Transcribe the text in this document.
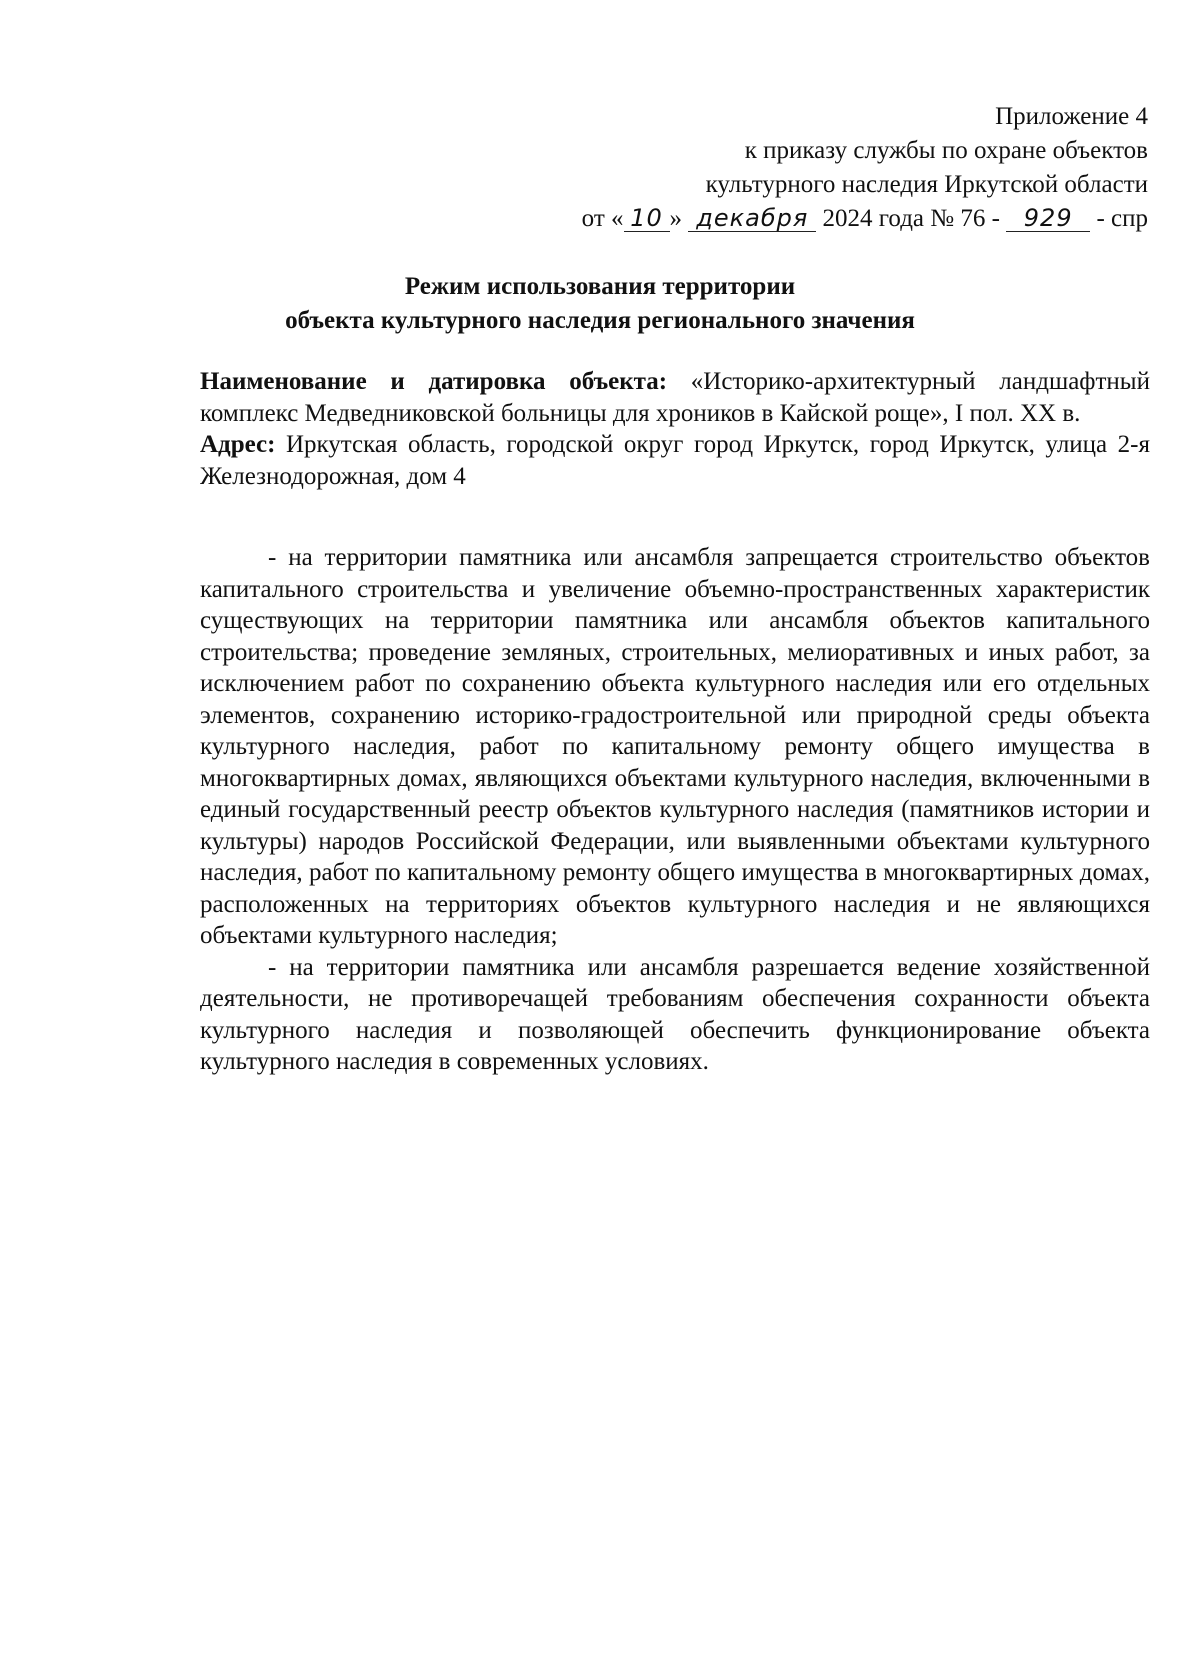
Приложение 4
к приказу службы по охране объектов
культурного наследия Иркутской области
от « 10 » декабря 2024 года № 76 - 929 - спр
Режим использования территории
объекта культурного наследия регионального значения

Наименование и датировка объекта: «Историко-архитектурный ландшафтный комплекс Медведниковской больницы для хроников в Кайской роще», I пол. XX в.

Адрес: Иркутская область, городской округ город Иркутск, город Иркутск, улица 2-я Железнодорожная, дом 4

- на территории памятника или ансамбля запрещается строительство объектов капитального строительства и увеличение объемно-пространственных характеристик существующих на территории памятника или ансамбля объектов капитального строительства; проведение земляных, строительных, мелиоративных и иных работ, за исключением работ по сохранению объекта культурного наследия или его отдельных элементов, сохранению историко-градостроительной или природной среды объекта культурного наследия, работ по капитальному ремонту общего имущества в многоквартирных домах, являющихся объектами культурного наследия, включенными в единый государственный реестр объектов культурного наследия (памятников истории и культуры) народов Российской Федерации, или выявленными объектами культурного наследия, работ по капитальному ремонту общего имущества в многоквартирных домах, расположенных на территориях объектов культурного наследия и не являющихся объектами культурного наследия;

- на территории памятника или ансамбля разрешается ведение хозяйственной деятельности, не противоречащей требованиям обеспечения сохранности объекта культурного наследия и позволяющей обеспечить функционирование объекта культурного наследия в современных условиях.
